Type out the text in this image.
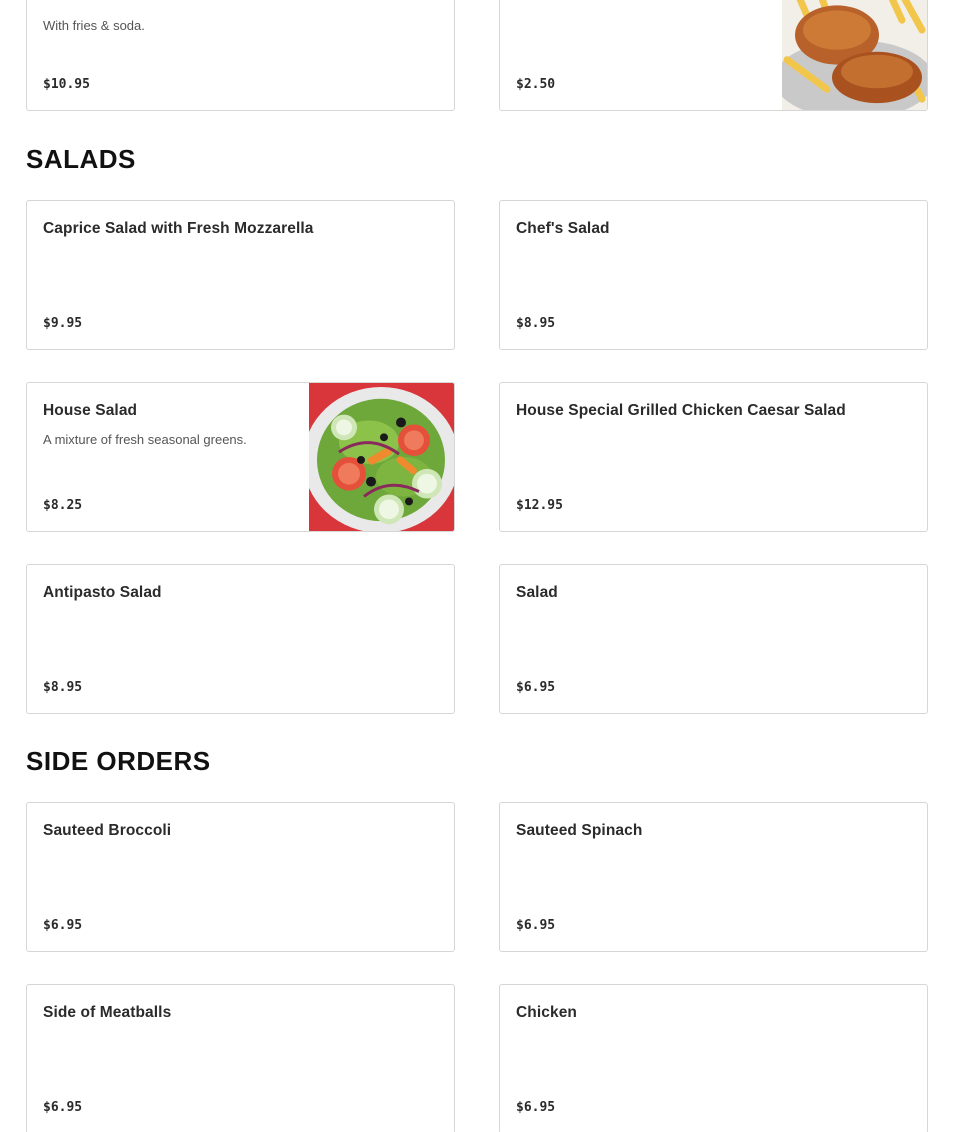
With fries & soda.
$10.95	$2.50
SALADS
Caprice Salad with Fresh Mozzarella
$9.95
Chef's Salad
$8.95
House Salad
A mixture of fresh seasonal greens.
$8.25
House Special Grilled Chicken Caesar Salad
$12.95
Antipasto Salad
$8.95
Salad
$6.95
SIDE ORDERS
Sauteed Broccoli
$6.95
Sauteed Spinach
$6.95
Side of Meatballs
$6.95
Chicken
$6.95
